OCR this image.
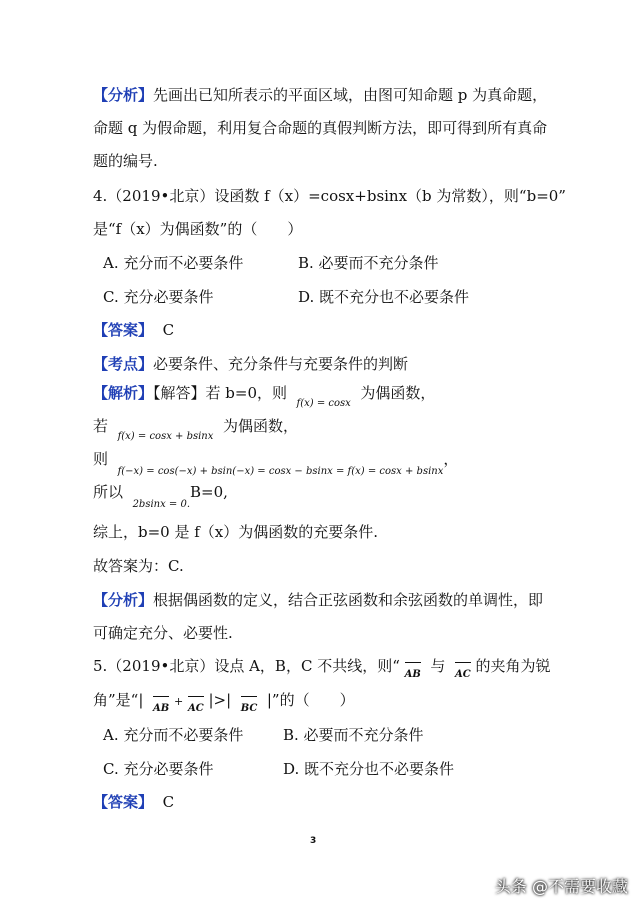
【分析】先画出已知所表示的平面区域，由图可知命题 p 为真命题，
命题 q 为假命题，利用复合命题的真假判断方法，即可得到所有真命
题的编号.
4.（2019•北京）设函数 f（x）=cosx+bsinx（b 为常数），则“b=0”
是“f（x）为偶函数”的（　　）
A. 充分而不必要条件	B. 必要而不充分条件
C. 充分必要条件	D. 既不充分也不必要条件
【答案】 C
【考点】必要条件、充分条件与充要条件的判断
【解析】【解答】若 b=0，则  $_{f(x) = cosx}$  为偶函数，
若  $_{f(x) = cosx + bsinx}$  为偶函数，
则  $_{f(-x) = cos(-x) + bsin(-x) = cosx - bsinx = f(x) = cosx + bsinx}$，
所以  $_{2bsinx = 0.}$B=0,
综上，b=0 是 f（x）为偶函数的充要条件.
故答案为：C.
【分析】根据偶函数的定义，结合正弦函数和余弦函数的单调性，即
可确定充分、必要性.
5.（2019•北京）设点 A，B，C 不共线，则“ AB 与 AC 的夹角为锐
角”是“| AB + AC |>| BC |”的（　　）
A. 充分而不必要条件	B. 必要而不充分条件
C. 充分必要条件	D. 既不充分也不必要条件
【答案】 C
3
头条 @不需要收藏
